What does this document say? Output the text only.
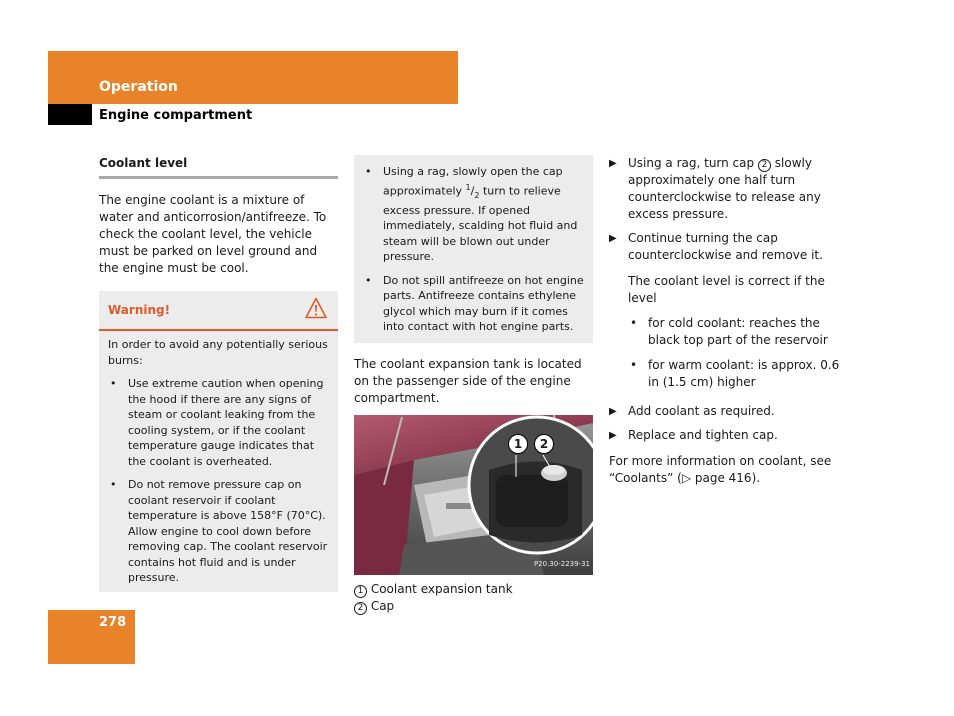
Operation

Engine compartment

Coolant level

The engine coolant is a mixture of water and anticorrosion/antifreeze. To check the coolant level, the vehicle must be parked on level ground and the engine must be cool.

Warning!

In order to avoid any potentially serious burns:

• Use extreme caution when opening the hood if there are any signs of steam or coolant leaking from the cooling system, or if the coolant temperature gauge indicates that the coolant is overheated.
• Do not remove pressure cap on coolant reservoir if coolant temperature is above 158°F (70°C). Allow engine to cool down before removing cap. The coolant reservoir contains hot fluid and is under pressure.
• Using a rag, slowly open the cap approximately $^1/_2$ turn to relieve excess pressure. If opened immediately, scalding hot fluid and steam will be blown out under pressure.
• Do not spill antifreeze on hot engine parts. Antifreeze contains ethylene glycol which may burn if it comes into contact with hot engine parts.

The coolant expansion tank is located on the passenger side of the engine compartment.

1	2
P20.30-2239-31
1 Coolant expansion tank
2 Cap
▶ Using a rag, turn cap 2 slowly approximately one half turn counterclockwise to release any excess pressure.
▶ Continue turning the cap counterclockwise and remove it.

The coolant level is correct if the level

• for cold coolant: reaches the black top part of the reservoir
• for warm coolant: is approx. 0.6 in (1.5 cm) higher
▶ Add coolant as required.
▶ Replace and tighten cap.

For more information on coolant, see “Coolants” (▷ page 416).

278
